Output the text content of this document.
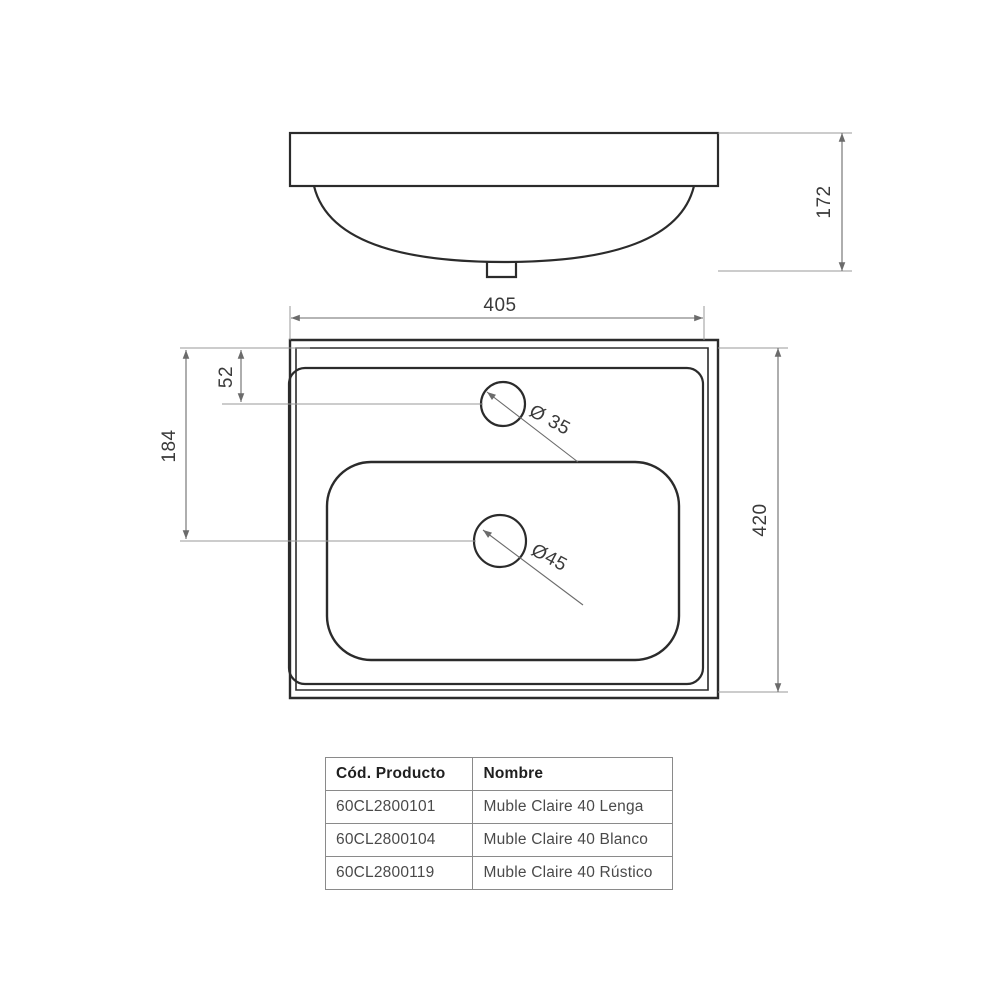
172
405
420
52
184
Ø 35
Ø45
Cód. Producto	Nombre
60CL2800101	Muble Claire 40 Lenga
60CL2800104	Muble Claire 40 Blanco
60CL2800119	Muble Claire 40 Rústico
